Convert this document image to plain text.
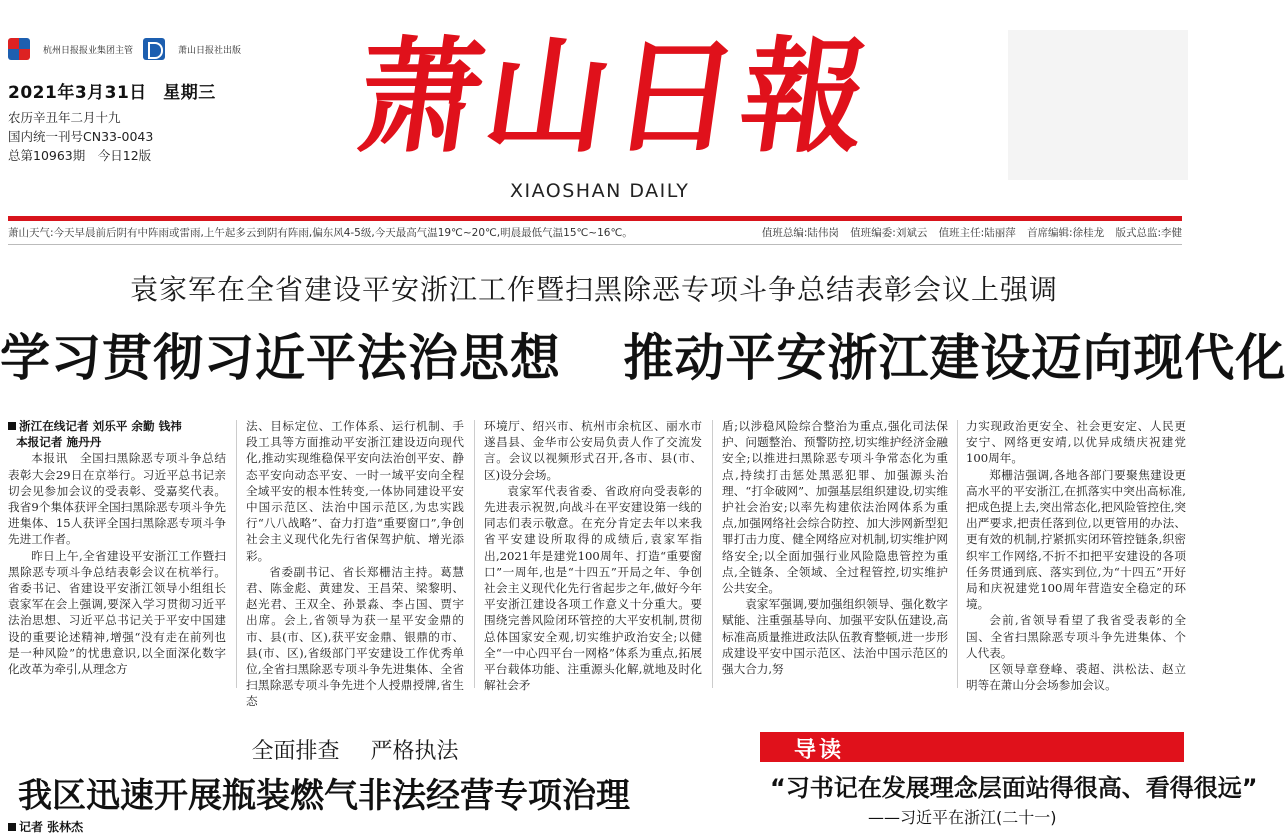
杭州日报报业集团主管	萧山日报社出版
2021年3月31日 星期三
农历辛丑年二月十九
国内统一刊号CN33-0043
总第10963期　今日12版 萧山日報
XIAOSHAN DAILY
萧山天气:今天早晨前后阴有中阵雨或雷雨,上午起多云到阴有阵雨,偏东风4-5级,今天最高气温19℃~20℃,明晨最低气温15℃~16℃。	值班总编:陆伟岗 值班编委:刘斌云 值班主任:陆丽萍 首席编辑:徐桂龙 版式总监:李健
袁家军在全省建设平安浙江工作暨扫黑除恶专项斗争总结表彰会议上强调
学习贯彻习近平法治思想 推动平安浙江建设迈向现代化

浙江在线记者 刘乐平 余勤 钱祎

本报记者 施丹丹

本报讯　全国扫黑除恶专项斗争总结表彰大会29日在京举行。习近平总书记亲切会见参加会议的受表彰、受嘉奖代表。我省9个集体获评全国扫黑除恶专项斗争先进集体、15人获评全国扫黑除恶专项斗争先进工作者。

昨日上午,全省建设平安浙江工作暨扫黑除恶专项斗争总结表彰会议在杭举行。省委书记、省建设平安浙江领导小组组长袁家军在会上强调,要深入学习贯彻习近平法治思想、习近平总书记关于平安中国建设的重要论述精神,增强“没有走在前列也是一种风险”的忧患意识,以全面深化数字化改革为牵引,从理念方

法、目标定位、工作体系、运行机制、手段工具等方面推动平安浙江建设迈向现代化,推动实现维稳保平安向法治创平安、静态平安向动态平安、一时一域平安向全程全域平安的根本性转变,一体协同建设平安中国示范区、法治中国示范区,为忠实践行“八八战略”、奋力打造“重要窗口”,争创社会主义现代化先行省保驾护航、增光添彩。

省委副书记、省长郑栅洁主持。葛慧君、陈金彪、黄建发、王昌荣、梁黎明、赵光君、王双全、孙景淼、李占国、贾宇出席。会上,省领导为获一星平安金鼎的市、县(市、区),获平安金鼎、银鼎的市、县(市、区),省级部门平安建设工作优秀单位,全省扫黑除恶专项斗争先进集体、全省扫黑除恶专项斗争先进个人授鼎授牌,省生态

环境厅、绍兴市、杭州市余杭区、丽水市遂昌县、金华市公安局负责人作了交流发言。会议以视频形式召开,各市、县(市、区)设分会场。

袁家军代表省委、省政府向受表彰的先进表示祝贺,向战斗在平安建设第一线的同志们表示敬意。在充分肯定去年以来我省平安建设所取得的成绩后,袁家军指出,2021年是建党100周年、打造“重要窗口”一周年,也是“十四五”开局之年、争创社会主义现代化先行省起步之年,做好今年平安浙江建设各项工作意义十分重大。要围绕完善风险闭环管控的大平安机制,贯彻总体国家安全观,切实维护政治安全;以健全“一中心四平台一网格”体系为重点,拓展平台载体功能、注重源头化解,就地及时化解社会矛

盾;以涉稳风险综合整治为重点,强化司法保护、问题整治、预警防控,切实维护经济金融安全;以推进扫黑除恶专项斗争常态化为重点,持续打击惩处黑恶犯罪、加强源头治理、“打伞破网”、加强基层组织建设,切实维护社会治安;以率先构建依法治网体系为重点,加强网络社会综合防控、加大涉网新型犯罪打击力度、健全网络应对机制,切实维护网络安全;以全面加强行业风险隐患管控为重点,全链条、全领域、全过程管控,切实维护公共安全。

袁家军强调,要加强组织领导、强化数字赋能、注重强基导向、加强平安队伍建设,高标准高质量推进政法队伍教育整顿,进一步形成建设平安中国示范区、法治中国示范区的强大合力,努

力实现政治更安全、社会更安定、人民更安宁、网络更安靖,以优异成绩庆祝建党100周年。

郑栅洁强调,各地各部门要聚焦建设更高水平的平安浙江,在抓落实中突出高标准,把成色提上去,突出常态化,把风险管控住,突出严要求,把责任落到位,以更管用的办法、更有效的机制,拧紧抓实闭环管控链条,织密织牢工作网络,不折不扣把平安建设的各项任务贯通到底、落实到位,为“十四五”开好局和庆祝建党100周年营造安全稳定的环境。

会前,省领导看望了我省受表彰的全国、全省扫黑除恶专项斗争先进集体、个人代表。

区领导章登峰、裘超、洪松法、赵立明等在萧山分会场参加会议。

全面排查 严格执法
我区迅速开展瓶装燃气非法经营专项治理
记者 张林杰
导读
“习书记在发展理念层面站得很高、看得很远”
——习近平在浙江(二十一)
